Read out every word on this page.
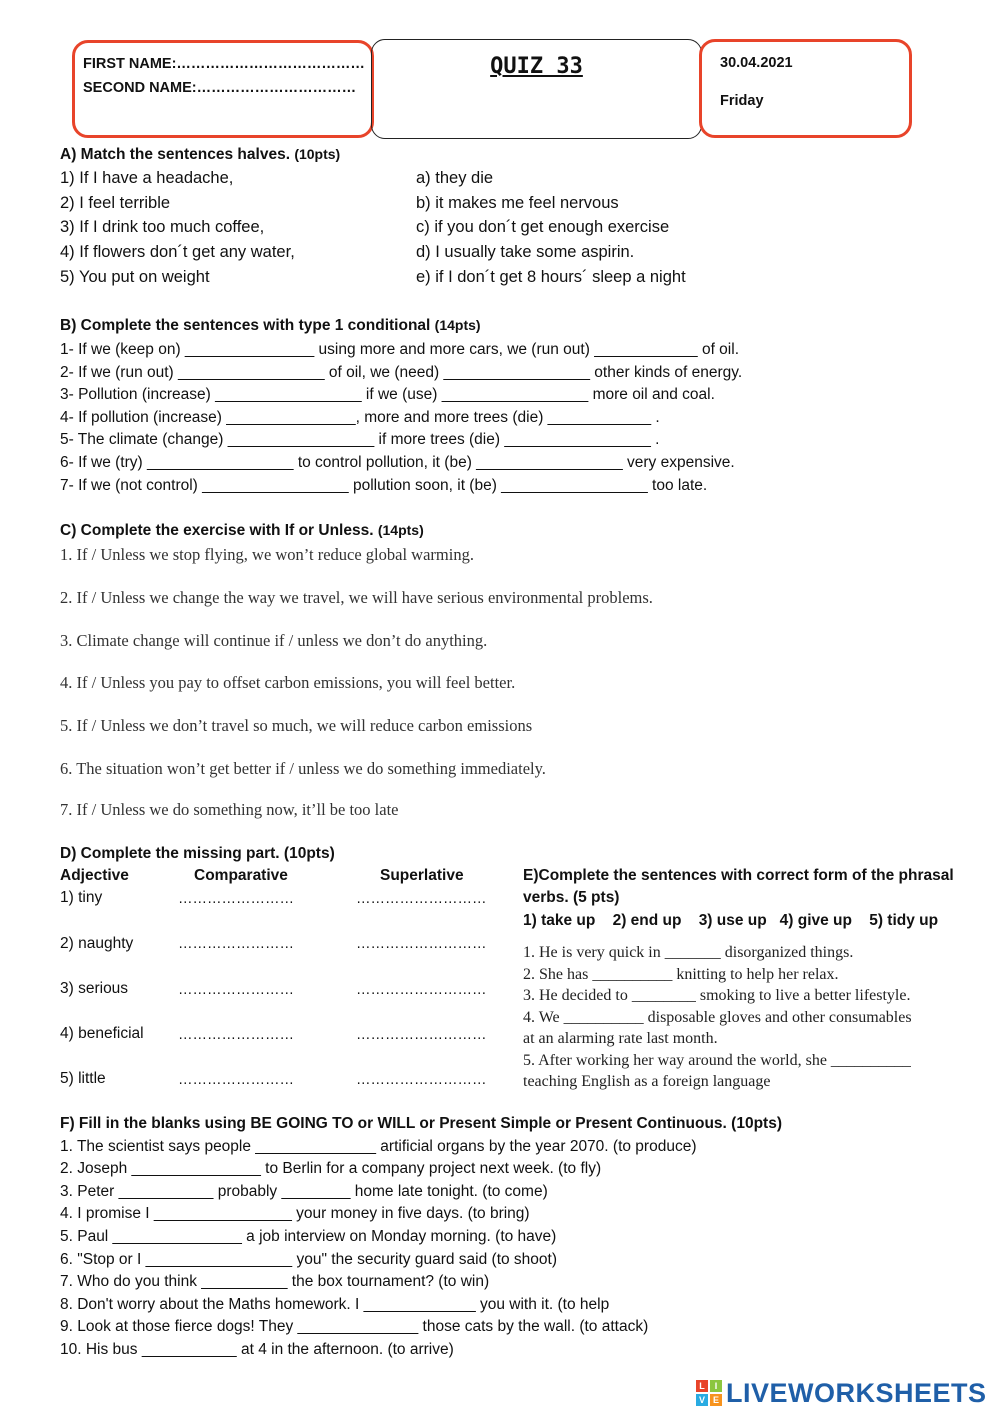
FIRST NAME:…………………………………
SECOND NAME:……………………………
QUIZ 33	30.04.2021
Friday
A) Match the sentences halves. (10pts)
1) If I have a headache,
2) I feel terrible
3) If I drink too much coffee,
4) If flowers don´t get any water,
5) You put on weight
a) they die
b) it makes me feel nervous
c) if you don´t get enough exercise
d) I usually take some aspirin.
e) if I don´t get 8 hours´ sleep a night
B) Complete the sentences with type 1 conditional (14pts)
1- If we (keep on) _______________ using more and more cars, we (run out) ____________ of oil.
2- If we (run out) _________________ of oil, we (need) _________________ other kinds of energy.
3- Pollution (increase) _________________ if we (use) _________________ more oil and coal.
4- If pollution (increase) _______________, more and more trees (die) ____________ .
5- The climate (change) _________________ if more trees (die) _________________ .
6- If we (try) _________________ to control pollution, it (be) _________________ very expensive.
7- If we (not control) _________________ pollution soon, it (be) _________________ too late.
C) Complete the exercise with If or Unless. (14pts)
1. If / Unless we stop flying, we won’t reduce global warming.
2. If / Unless we change the way we travel, we will have serious environmental problems.
3. Climate change will continue if / unless we don’t do anything.
4. If / Unless you pay to offset carbon emissions, you will feel better.
5. If / Unless we don’t travel so much, we will reduce carbon emissions
6. The situation won’t get better if / unless we do something immediately.
7. If / Unless we do something now, it’ll be too late
D) Complete the missing part. (10pts)
Adjective	Comparative	Superlative
1) tiny	……………………	………………………
2) naughty	……………………	………………………
3) serious	……………………	………………………
4) beneficial ……………………	………………………
5) little	……………………	………………………
E)Complete the sentences with correct form of the phrasal
verbs. (5 pts)
1) take up    2) end up    3) use up   4) give up    5) tidy up
1. He is very quick in _______ disorganized things.
2. She has __________ knitting to help her relax.
3. He decided to ________ smoking to live a better lifestyle.
4. We __________ disposable gloves and other consumables
at an alarming rate last month.
5. After working her way around the world, she __________
teaching English as a foreign language
F) Fill in the blanks using BE GOING TO or WILL or Present Simple or Present Continuous. (10pts)
1. The scientist says people ______________ artificial organs by the year 2070. (to produce)
2. Joseph _______________ to Berlin for a company project next week. (to fly)
3. Peter ___________ probably ________ home late tonight. (to come)
4. I promise I ________________ your money in five days. (to bring)
5. Paul _______________ a job interview on Monday morning. (to have)
6. "Stop or I _________________ you" the security guard said (to shoot)
7. Who do you think __________ the box tournament? (to win)
8. Don't worry about the Maths homework. I _____________ you with it. (to help
9. Look at those fierce dogs! They ______________ those cats by the wall. (to attack)
10. His bus ___________ at 4 in the afternoon. (to arrive)
L	I
V E LIVEWORKSHEETS
